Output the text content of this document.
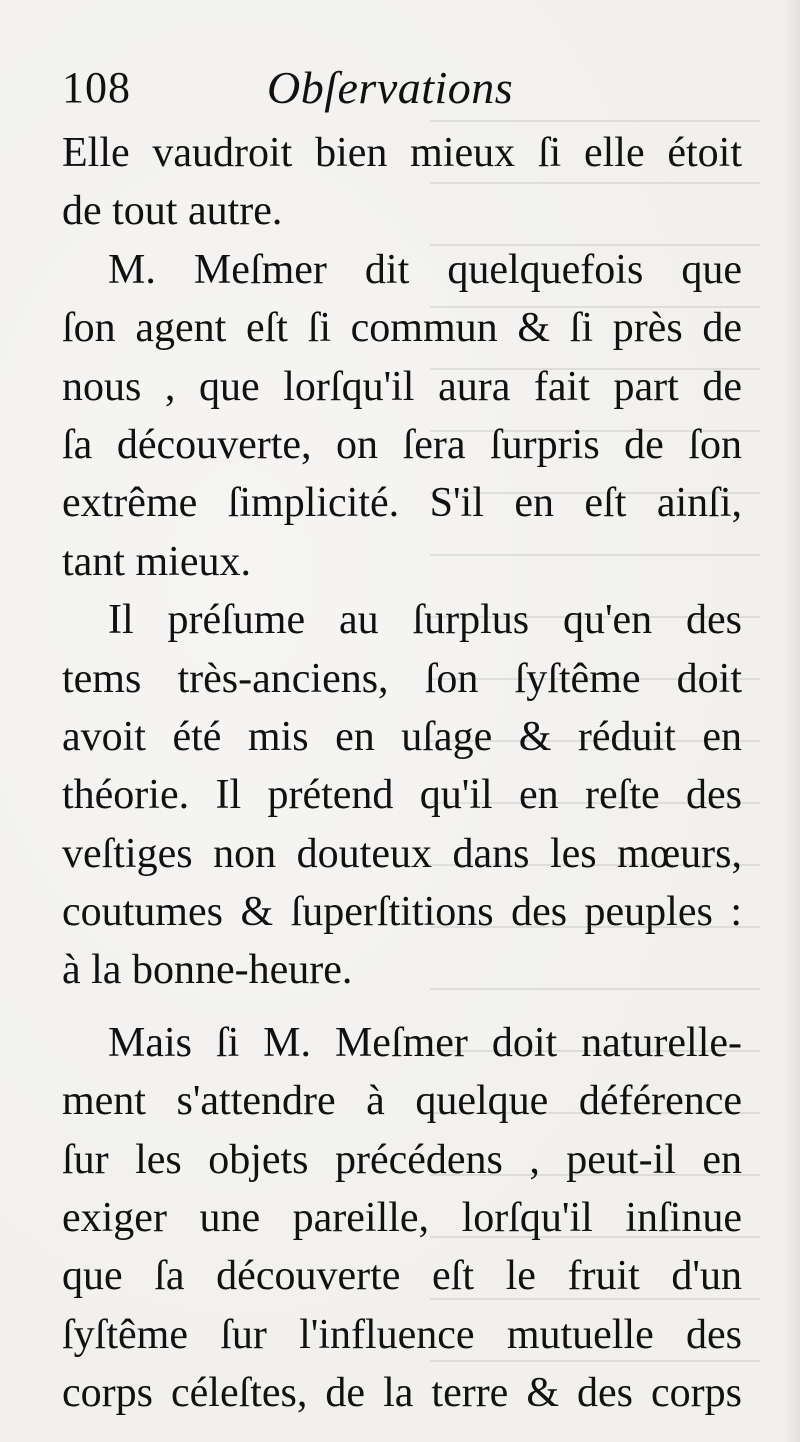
108	Obſervations
Elle vaudroit bien mieux ſi elle étoit
de tout autre.
M. Meſmer dit quelquefois que
ſon agent eſt ſi commun & ſi près de
nous , que lorſqu'il aura fait part de
ſa découverte, on ſera ſurpris de ſon
extrême ſimplicité. S'il en eſt ainſi,
tant mieux.
Il préſume au ſurplus qu'en des
tems très-anciens, ſon ſyſtême doit
avoit été mis en uſage & réduit en
théorie. Il prétend qu'il en reſte des
veſtiges non douteux dans les mœurs,
coutumes & ſuperſtitions des peuples :
à la bonne-heure.
Mais ſi M. Meſmer doit naturelle-
ment s'attendre à quelque déférence
ſur les objets précédens , peut-il en
exiger une pareille, lorſqu'il inſinue
que ſa découverte eſt le fruit d'un
ſyſtême ſur l'influence mutuelle des
corps céleſtes, de la terre & des corps
